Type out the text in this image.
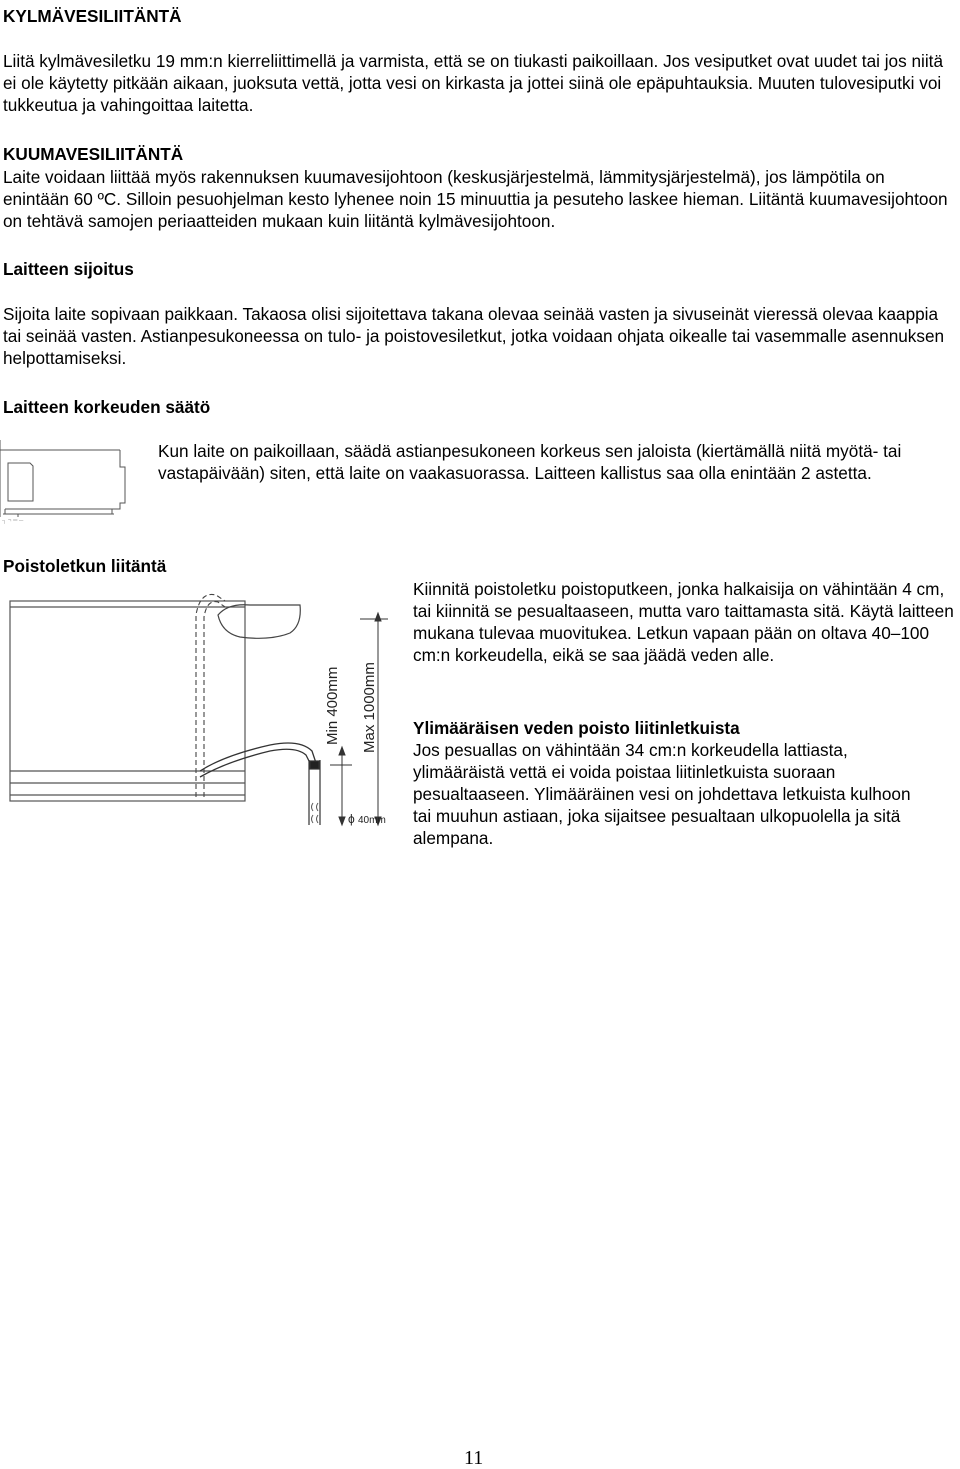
KYLMÄVESILIITÄNTÄ

Liitä kylmävesiletku 19 mm:n kierreliittimellä ja varmista, että se on tiukasti paikoillaan. Jos vesiputket ovat uudet tai jos niitä ei ole käytetty pitkään aikaan, juoksuta vettä, jotta vesi on kirkasta ja jottei siinä ole epäpuhtauksia. Muuten tulovesiputki voi tukkeutua ja vahingoittaa laitetta.

KUUMAVESILIITÄNTÄ

Laite voidaan liittää myös rakennuksen kuumavesijohtoon (keskusjärjestelmä, lämmitysjärjestelmä), jos lämpötila on enintään 60 ºC. Silloin pesuohjelman kesto lyhenee noin 15 minuuttia ja pesuteho laskee hieman. Liitäntä kuumavesijohtoon on tehtävä samojen periaatteiden mukaan kuin liitäntä kylmävesijohtoon.

Laitteen sijoitus

Sijoita laite sopivaan paikkaan. Takaosa olisi sijoitettava takana olevaa seinää vasten ja sivuseinät vieressä olevaa kaappia tai seinää vasten. Astianpesukoneessa on tulo- ja poistovesiletkut, jotka voidaan ohjata oikealle tai vasemmalle asennuksen helpottamiseksi.

Laitteen korkeuden säätö
┐ ¬ ═ ─

Kun laite on paikoillaan, säädä astianpesukoneen korkeus sen jaloista (kiertämällä niitä myötä- tai vastapäivään) siten, että laite on vaakasuorassa. Laitteen kallistus saa olla enintään 2 astetta.

Poistoletkun liitäntä
Min 400mm Max 1000mm
ϕ 40mm

Kiinnitä poistoletku poistoputkeen, jonka halkaisija on vähintään 4 cm, tai kiinnitä se pesualtaaseen, mutta varo taittamasta sitä. Käytä laitteen mukana tulevaa muovitukea. Letkun vapaan pään on oltava 40–100 cm:n korkeudella, eikä se saa jäädä veden alle.

Ylimääräisen veden poisto liitinletkuista

Jos pesuallas on vähintään 34 cm:n korkeudella lattiasta, ylimääräistä vettä ei voida poistaa liitinletkuista suoraan pesualtaaseen. Ylimääräinen vesi on johdettava letkuista kulhoon tai muuhun astiaan, joka sijaitsee pesualtaan ulkopuolella ja sitä alempana.

11
